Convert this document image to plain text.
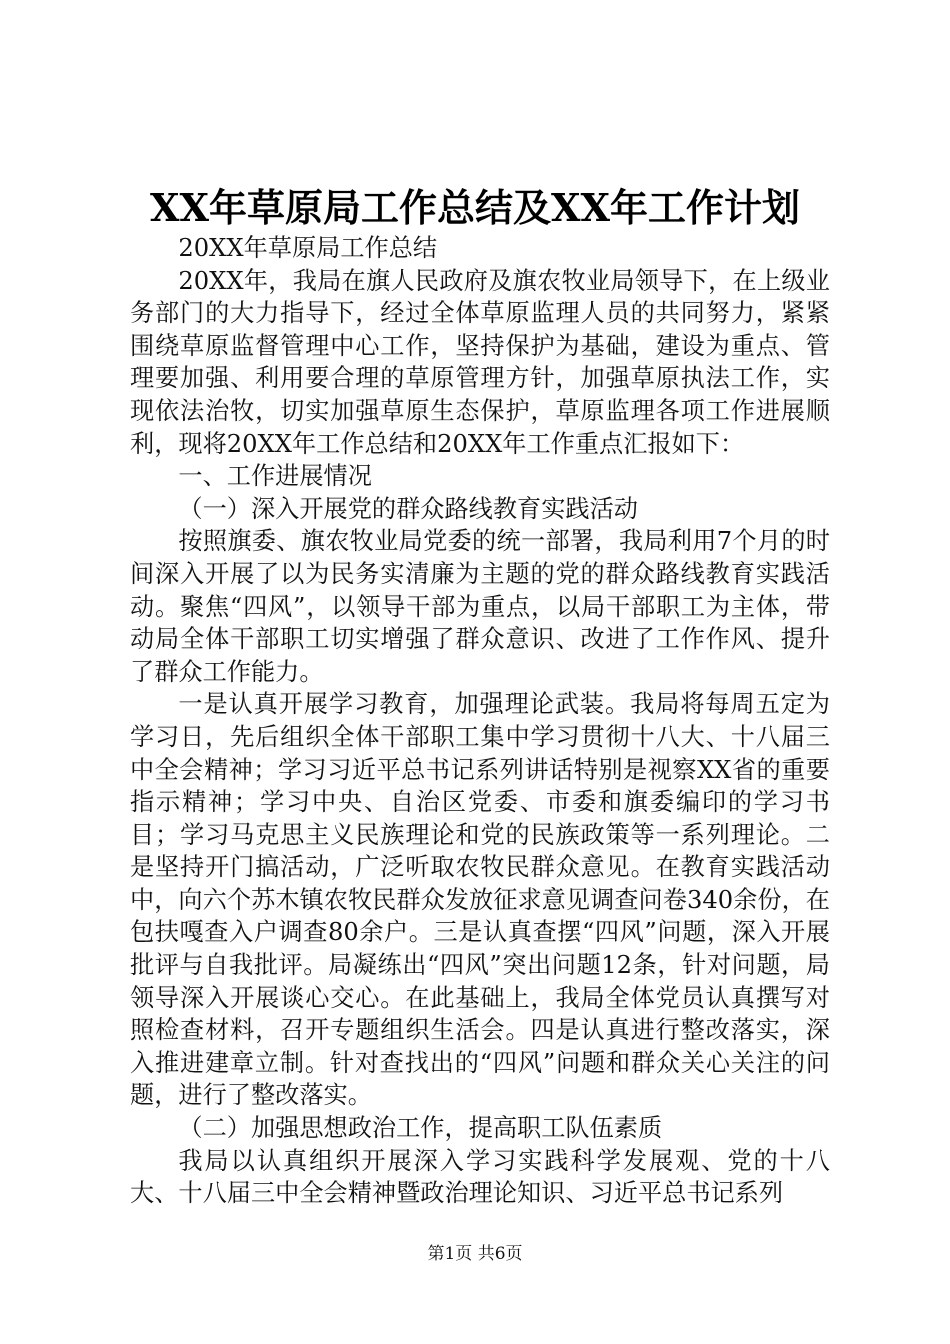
XX年草原局工作总结及XX年工作计划

20XX年草原局工作总结

20XX年，我局在旗人民政府及旗农牧业局领导下，在上级业务部门的大力指导下，经过全体草原监理人员的共同努力，紧紧围绕草原监督管理中心工作，坚持保护为基础，建设为重点、管理要加强、利用要合理的草原管理方针，加强草原执法工作，实现依法治牧，切实加强草原生态保护，草原监理各项工作进展顺利，现将20XX年工作总结和20XX年工作重点汇报如下：

一、工作进展情况

（一）深入开展党的群众路线教育实践活动

按照旗委、旗农牧业局党委的统一部署，我局利用7个月的时间深入开展了以为民务实清廉为主题的党的群众路线教育实践活动。聚焦“四风”，以领导干部为重点，以局干部职工为主体，带动局全体干部职工切实增强了群众意识、改进了工作作风、提升了群众工作能力。

一是认真开展学习教育，加强理论武装。我局将每周五定为学习日，先后组织全体干部职工集中学习贯彻十八大、十八届三中全会精神；学习习近平总书记系列讲话特别是视察XX省的重要指示精神；学习中央、自治区党委、市委和旗委编印的学习书目；学习马克思主义民族理论和党的民族政策等一系列理论。二是坚持开门搞活动，广泛听取农牧民群众意见。在教育实践活动中，向六个苏木镇农牧民群众发放征求意见调查问卷340余份，在包扶嘎查入户调查80余户。三是认真查摆“四风”问题，深入开展批评与自我批评。局凝练出“四风”突出问题12条，针对问题，局领导深入开展谈心交心。在此基础上，我局全体党员认真撰写对照检查材料，召开专题组织生活会。四是认真进行整改落实，深入推进建章立制。针对查找出的“四风”问题和群众关心关注的问题，进行了整改落实。

（二）加强思想政治工作，提高职工队伍素质

我局以认真组织开展深入学习实践科学发展观、党的十八大、十八届三中全会精神暨政治理论知识、习近平总书记系列

第1页 共6页
